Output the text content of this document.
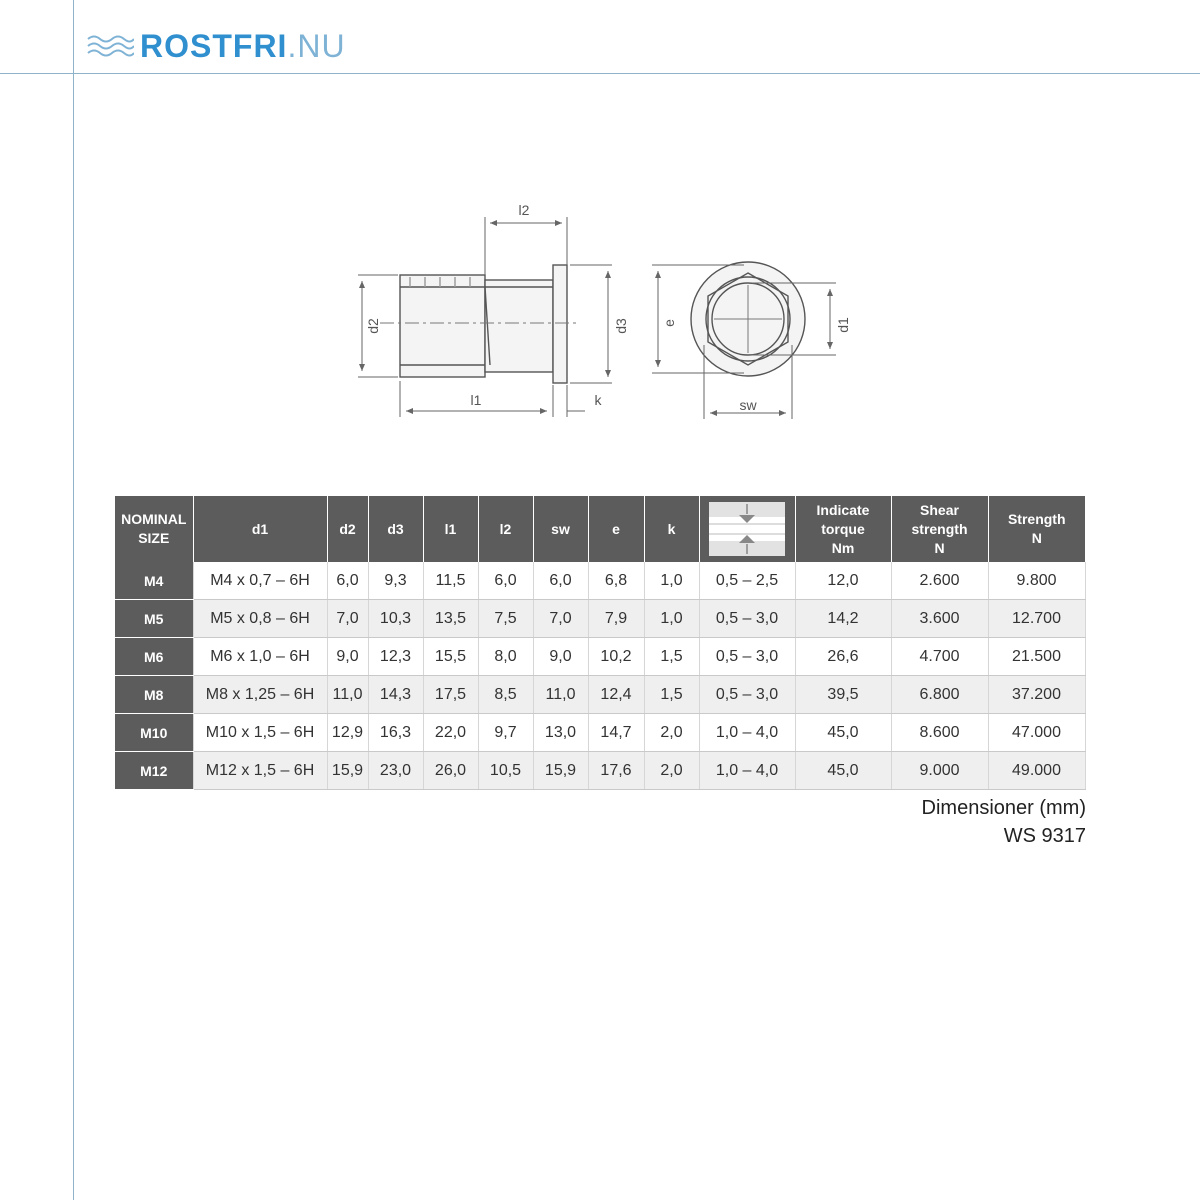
ROSTFRI.NU
l2
d2	d3
l1	k
e	d1
sw
NOMINAL
SIZE	d1	d2	d3	l1	l2	sw	e	k		Indicate
torque
Nm	Shear
strength
N	Strength
N
M4	M4 x 0,7 – 6H	6,0	9,3	11,5	6,0	6,0	6,8	1,0	0,5 – 2,5	12,0	2.600	9.800
M5	M5 x 0,8 – 6H	7,0	10,3	13,5	7,5	7,0	7,9	1,0	0,5 – 3,0	14,2	3.600	12.700
M6	M6 x 1,0 – 6H	9,0	12,3	15,5	8,0	9,0	10,2	1,5	0,5 – 3,0	26,6	4.700	21.500
M8	M8 x 1,25 – 6H	11,0	14,3	17,5	8,5	11,0	12,4	1,5	0,5 – 3,0	39,5	6.800	37.200
M10	M10 x 1,5 – 6H	12,9	16,3	22,0	9,7	13,0	14,7	2,0	1,0 – 4,0	45,0	8.600	47.000
M12	M12 x 1,5 – 6H	15,9	23,0	26,0	10,5	15,9	17,6	2,0	1,0 – 4,0	45,0	9.000	49.000
Dimensioner (mm)
WS 9317
